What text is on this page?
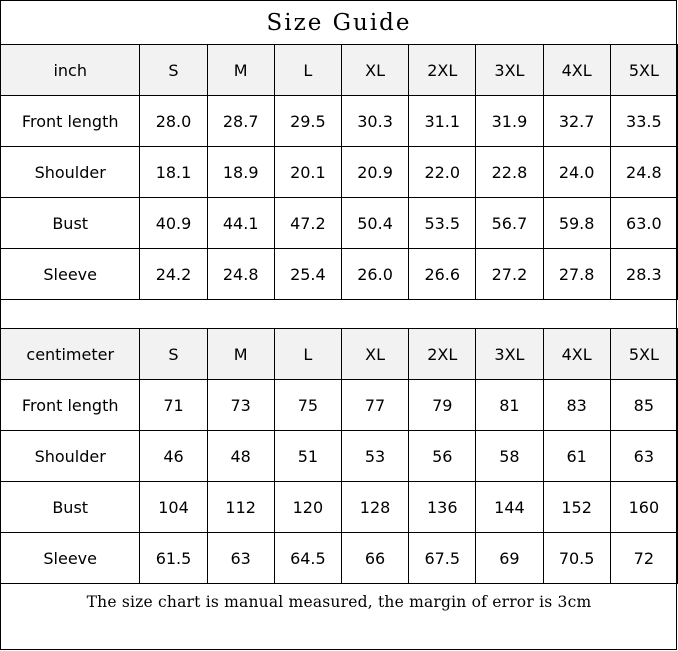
Size Guide
inch	S	M	L	XL	2XL	3XL	4XL	5XL
Front length	28.0	28.7	29.5	30.3	31.1	31.9	32.7	33.5
Shoulder	18.1	18.9	20.1	20.9	22.0	22.8	24.0	24.8
Bust	40.9	44.1	47.2	50.4	53.5	56.7	59.8	63.0
Sleeve	24.2	24.8	25.4	26.0	26.6	27.2	27.8	28.3
centimeter	S	M	L	XL	2XL	3XL	4XL	5XL
Front length	71	73	75	77	79	81	83	85
Shoulder	46	48	51	53	56	58	61	63
Bust	104	112	120	128	136	144	152	160
Sleeve	61.5	63	64.5	66	67.5	69	70.5	72
The size chart is manual measured, the margin of error is 3cm
